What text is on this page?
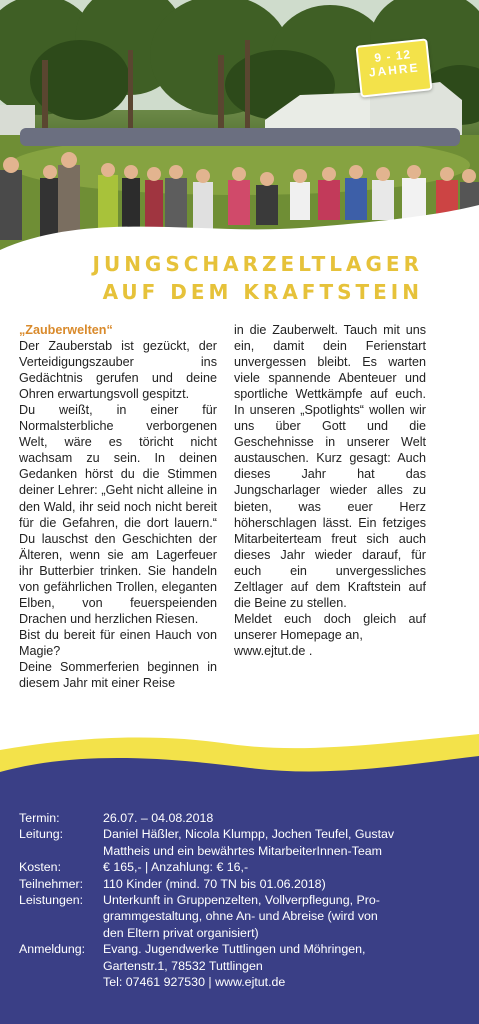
9 - 12
JAHRE
JUNGSCHARZELTLAGER
AUF DEM KRAFTSTEIN

„Zauberwelten“

Der Zauberstab ist gezückt, der Verteidigungszauber ins Gedächtnis gerufen und deine Ohren erwartungsvoll gespitzt.

Du weißt, in einer für Normalsterbliche verborgenen Welt, wäre es töricht nicht wachsam zu sein. In deinen Gedanken hörst du die Stimmen deiner Lehrer: „Geht nicht alleine in den Wald, ihr seid noch nicht bereit für die Gefahren, die dort lauern.“ Du lauschst den Geschichten der Älteren, wenn sie am Lagerfeuer ihr Butterbier trinken. Sie handeln von gefährlichen Trollen, eleganten Elben, von feuerspeienden Drachen und herzlichen Riesen.

Bist du bereit für einen Hauch von Magie?

Deine Sommerferien beginnen in diesem Jahr mit einer Reise

in die Zauberwelt. Tauch mit uns ein, damit dein Ferienstart unvergessen bleibt. Es warten viele spannende Abenteuer und sportliche Wettkämpfe auf euch. In unseren „Spotlights“ wollen wir uns über Gott und die Geschehnisse in unserer Welt austauschen. Kurz gesagt: Auch dieses Jahr hat das Jungscharlager wieder alles zu bieten, was euer Herz höherschlagen lässt. Ein fetziges Mitarbeiterteam freut sich auch dieses Jahr wieder darauf, für euch ein unvergessliches Zeltlager auf dem Kraftstein auf die Beine zu stellen.

Meldet euch doch gleich auf unserer Homepage an,

www.ejtut.de .

Termin:	26.07. – 04.08.2018
Leitung:	Daniel Häßler, Nicola Klumpp, Jochen Teufel, Gustav
Mattheis und ein bewährtes MitarbeiterInnen-Team
Kosten:	€ 165,- | Anzahlung: € 16,-
Teilnehmer:	110 Kinder (mind. 70 TN bis 01.06.2018)
Leistungen:	Unterkunft in Gruppenzelten, Vollverpflegung, Pro-
grammgestaltung, ohne An- und Abreise (wird von
den Eltern privat organisiert)
Anmeldung:	Evang. Jugendwerke Tuttlingen und Möhringen,
Gartenstr.1, 78532 Tuttlingen
Tel: 07461 927530 | www.ejtut.de
